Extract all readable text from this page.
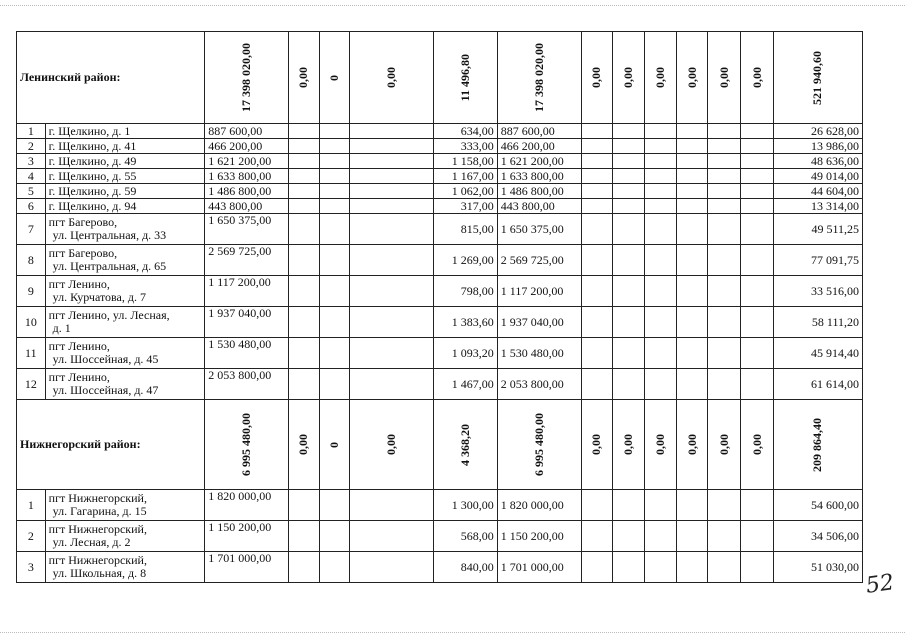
Ленинский район:		17 398 020,00	0,00	0	0,00	11 496,80	17 398 020,00	0,00	0,00	0,00	0,00	0,00	0,00	521 940,60

1	г. Щелкино, д. 1	887 600,00				634,00	887 600,00							26 628,00
2	г. Щелкино, д. 41	466 200,00				333,00	466 200,00							13 986,00
3	г. Щелкино, д. 49	1 621 200,00				1 158,00	1 621 200,00							48 636,00
4	г. Щелкино, д. 55	1 633 800,00				1 167,00	1 633 800,00							49 014,00
5	г. Щелкино, д. 59	1 486 800,00				1 062,00	1 486 800,00							44 604,00
6	г. Щелкино, д. 94	443 800,00				317,00	443 800,00							13 314,00
7	пгт Багерово,
ул. Центральная, д. 33	1 650 375,00				815,00	1 650 375,00							49 511,25
8	пгт Багерово,
ул. Центральная, д. 65	2 569 725,00				1 269,00	2 569 725,00							77 091,75
9	пгт Ленино,
ул. Курчатова, д. 7	1 117 200,00				798,00	1 117 200,00							33 516,00
10	пгт Ленино, ул. Лесная,
д. 1	1 937 040,00				1 383,60	1 937 040,00							58 111,20
11	пгт Ленино,
ул. Шоссейная, д. 45	1 530 480,00				1 093,20	1 530 480,00							45 914,40
12	пгт Ленино,
ул. Шоссейная, д. 47	2 053 800,00				1 467,00	2 053 800,00							61 614,00
Нижнегорский район:		6 995 480,00	0,00	0	0,00	4 368,20	6 995 480,00	0,00	0,00	0,00	0,00	0,00	0,00	209 864,40

1	пгт Нижнегорский,
ул. Гагарина, д. 15	1 820 000,00				1 300,00	1 820 000,00							54 600,00
2	пгт Нижнегорский,
ул. Лесная, д. 2	1 150 200,00				568,00	1 150 200,00							34 506,00
3	пгт Нижнегорский,
ул. Школьная, д. 8	1 701 000,00				840,00	1 701 000,00							51 030,00
52
